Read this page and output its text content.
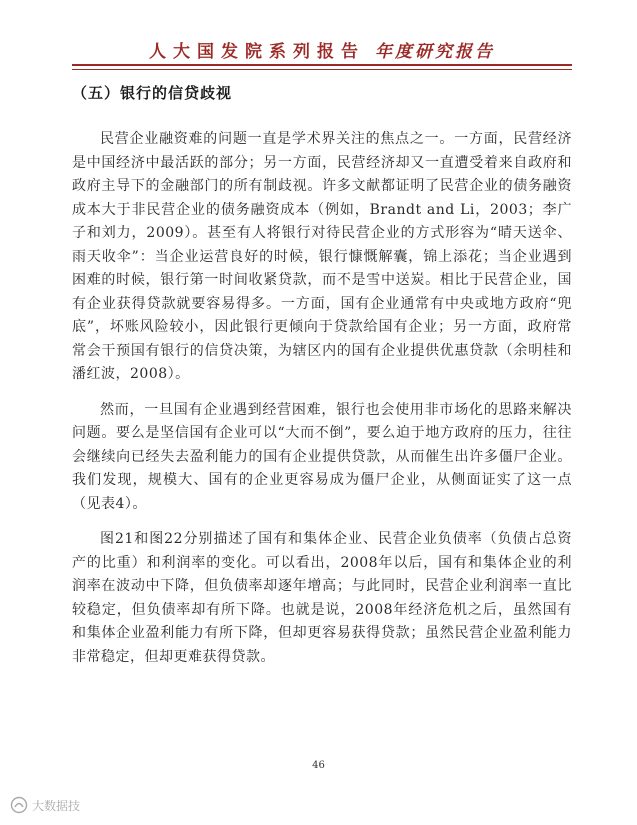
人大国发院系列报告 年度研究报告
（五）银行的信贷歧视

民营企业融资难的问题一直是学术界关注的焦点之一。一方面，民营经济是中国经济中最活跃的部分；另一方面，民营经济却又一直遭受着来自政府和政府主导下的金融部门的所有制歧视。许多文献都证明了民营企业的债务融资成本大于非民营企业的债务融资成本（例如，Brandt and Li，2003；李广子和刘力，2009）。甚至有人将银行对待民营企业的方式形容为“晴天送伞、雨天收伞”：当企业运营良好的时候，银行慷慨解囊，锦上添花；当企业遇到困难的时候，银行第一时间收紧贷款，而不是雪中送炭。相比于民营企业，国有企业获得贷款就要容易得多。一方面，国有企业通常有中央或地方政府“兜底”，坏账风险较小，因此银行更倾向于贷款给国有企业；另一方面，政府常常会干预国有银行的信贷决策，为辖区内的国有企业提供优惠贷款（余明桂和潘红波，2008）。

然而，一旦国有企业遇到经营困难，银行也会使用非市场化的思路来解决问题。要么是坚信国有企业可以“大而不倒”，要么迫于地方政府的压力，往往会继续向已经失去盈利能力的国有企业提供贷款，从而催生出许多僵尸企业。我们发现，规模大、国有的企业更容易成为僵尸企业，从侧面证实了这一点（见表4）。

图21和图22分别描述了国有和集体企业、民营企业负债率（负债占总资产的比重）和利润率的变化。可以看出，2008年以后，国有和集体企业的利润率在波动中下降，但负债率却逐年增高；与此同时，民营企业利润率一直比较稳定，但负债率却有所下降。也就是说，2008年经济危机之后，虽然国有和集体企业盈利能力有所下降，但却更容易获得贷款；虽然民营企业盈利能力非常稳定，但却更难获得贷款。

46
大数据技
